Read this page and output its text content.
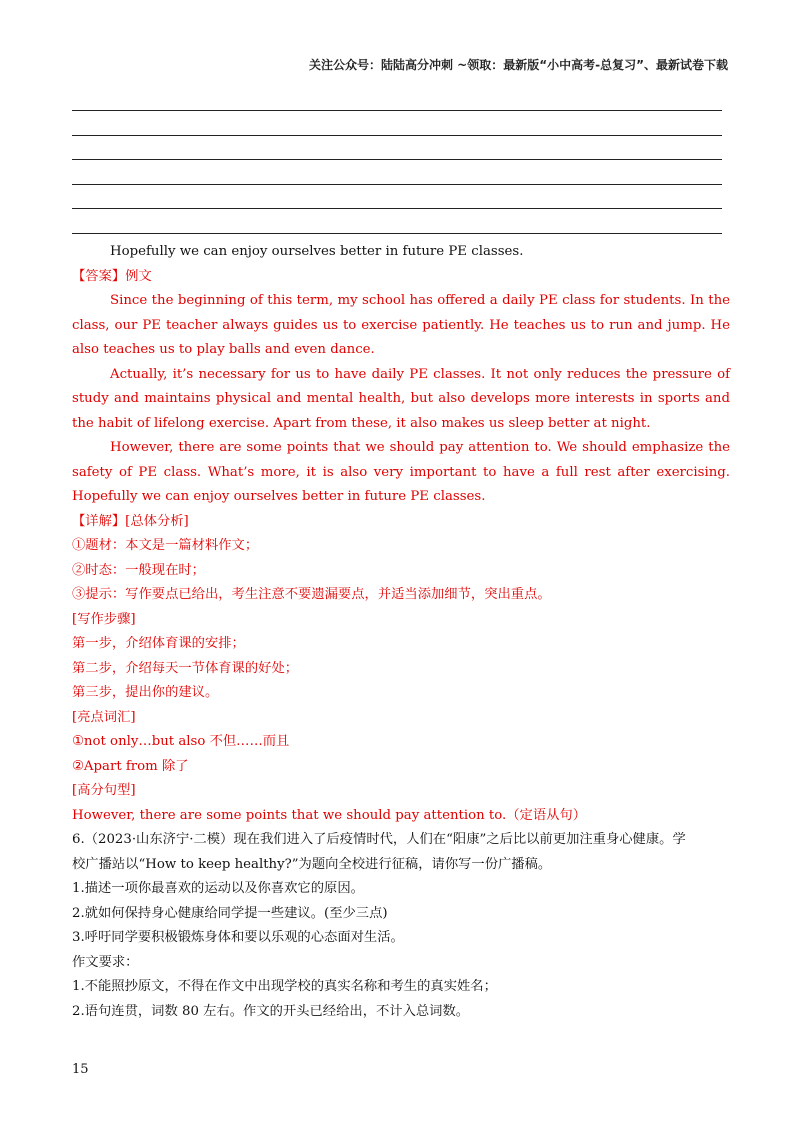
关注公众号：陆陆高分冲刺 ~领取：最新版“小中高考-总复习”、最新试卷下载
Hopefully we can enjoy ourselves better in future PE classes.
【答案】例文

Since the beginning of this term, my school has offered a daily PE class for students. In the class, our PE teacher always guides us to exercise patiently. He teaches us to run and jump. He also teaches us to play balls and even dance.

Actually, it’s necessary for us to have daily PE classes. It not only reduces the pressure of study and maintains physical and mental health, but also develops more interests in sports and the habit of lifelong exercise. Apart from these, it also makes us sleep better at night.

However, there are some points that we should pay attention to. We should emphasize the safety of PE class. What’s more, it is also very important to have a full rest after exercising. Hopefully we can enjoy ourselves better in future PE classes.

【详解】[总体分析]
①题材：本文是一篇材料作文；
②时态：一般现在时；
③提示：写作要点已给出，考生注意不要遗漏要点，并适当添加细节，突出重点。
[写作步骤]
第一步，介绍体育课的安排；
第二步，介绍每天一节体育课的好处；
第三步，提出你的建议。
[亮点词汇]
①not only…but also 不但……而且
②Apart from 除了
[高分句型]
However, there are some points that we should pay attention to.（定语从句）
6.（2023·山东济宁·二模）现在我们进入了后疫情时代，人们在“阳康”之后比以前更加注重身心健康。学
校广播站以“How to keep healthy?”为题向全校进行征稿，请你写一份广播稿。
1.描述一项你最喜欢的运动以及你喜欢它的原因。
2.就如何保持身心健康给同学提一些建议。(至少三点)
3.呼吁同学要积极锻炼身体和要以乐观的心态面对生活。
作文要求：
1.不能照抄原文，不得在作文中出现学校的真实名称和考生的真实姓名；
2.语句连贯，词数 80 左右。作文的开头已经给出，不计入总词数。
15
